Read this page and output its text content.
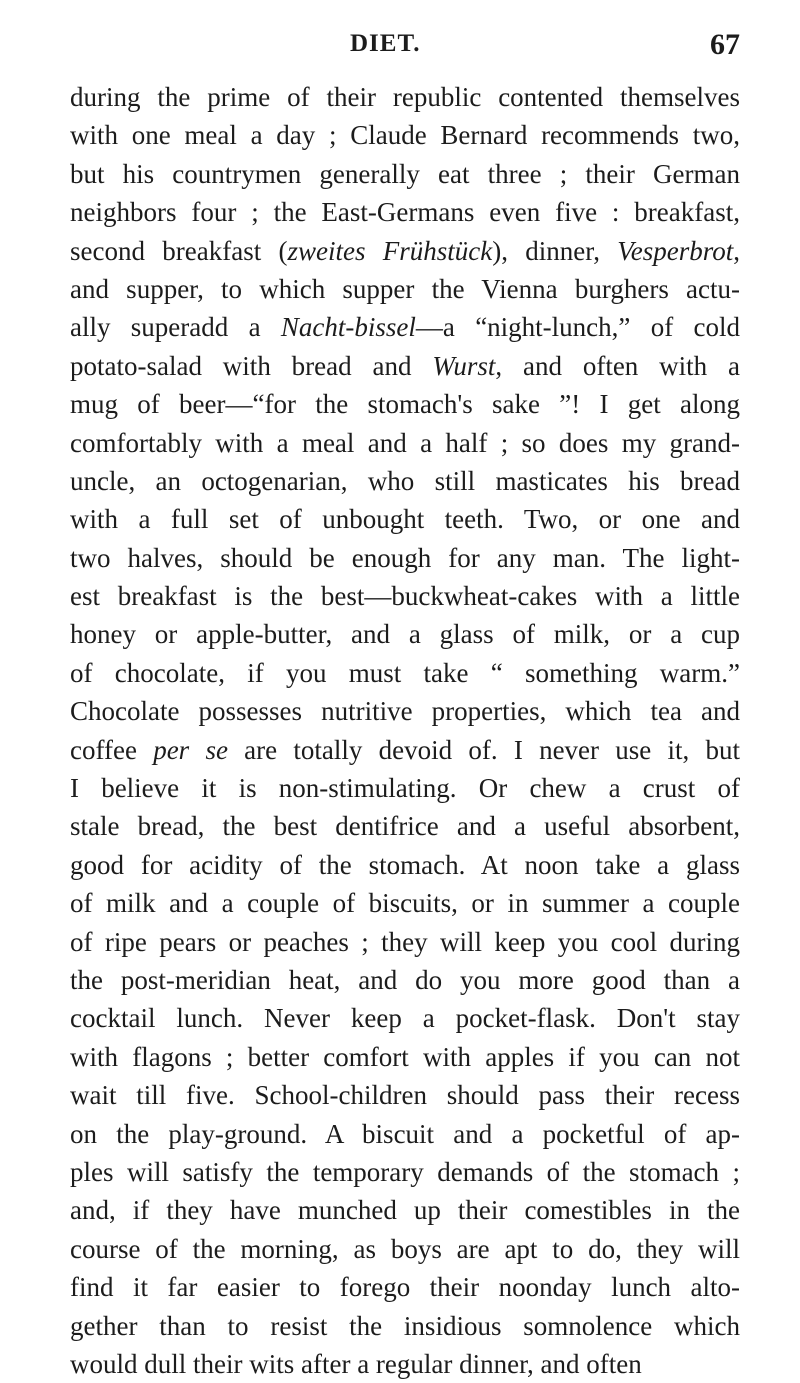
DIET.	67
during the prime of their republic contented themselves
with one meal a day ; Claude Bernard recommends two,
but his countrymen generally eat three ; their German
neighbors four ; the East-Germans even five : breakfast,
second breakfast (zweites Frühstück), dinner, Vesperbrot,
and supper, to which supper the Vienna burghers actu-
ally superadd a Nacht-bissel—a “night-lunch,” of cold
potato-salad with bread and Wurst, and often with a
mug of beer—“for the stomach's sake ”! I get along
comfortably with a meal and a half ; so does my grand-
uncle, an octogenarian, who still masticates his bread
with a full set of unbought teeth. Two, or one and
two halves, should be enough for any man. The light-
est breakfast is the best—buckwheat-cakes with a little
honey or apple-butter, and a glass of milk, or a cup
of chocolate, if you must take “ something warm.”
Chocolate possesses nutritive properties, which tea and
coffee per se are totally devoid of. I never use it, but
I believe it is non-stimulating. Or chew a crust of
stale bread, the best dentifrice and a useful absorbent,
good for acidity of the stomach. At noon take a glass
of milk and a couple of biscuits, or in summer a couple
of ripe pears or peaches ; they will keep you cool during
the post-meridian heat, and do you more good than a
cocktail lunch. Never keep a pocket-flask. Don't stay
with flagons ; better comfort with apples if you can not
wait till five. School-children should pass their recess
on the play-ground. A biscuit and a pocketful of ap-
ples will satisfy the temporary demands of the stomach ;
and, if they have munched up their comestibles in the
course of the morning, as boys are apt to do, they will
find it far easier to forego their noonday lunch alto-
gether than to resist the insidious somnolence which
would dull their wits after a regular dinner, and often
